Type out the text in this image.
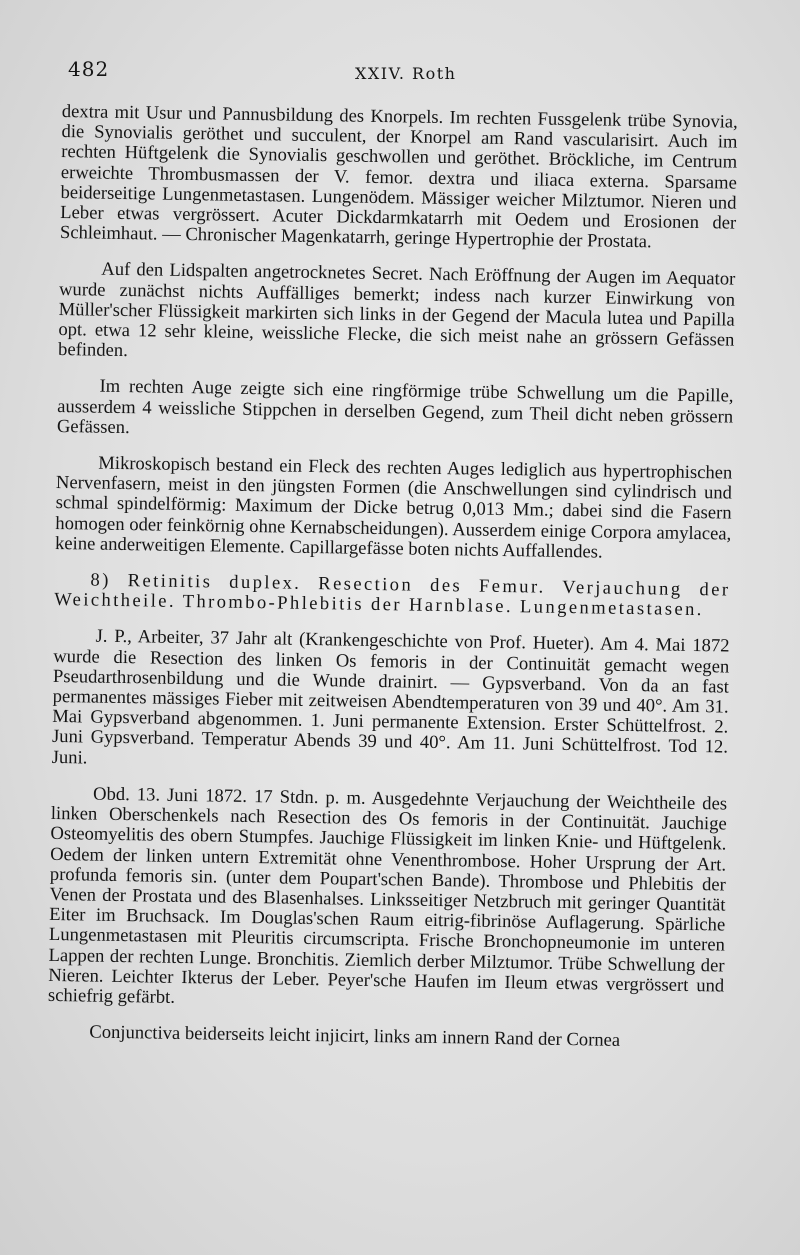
482	XXIV. Roth

dextra mit Usur und Pannusbildung des Knorpels. Im rechten Fussgelenk trübe Synovia, die Synovialis geröthet und succulent, der Knorpel am Rand vascularisirt. Auch im rechten Hüftgelenk die Synovialis geschwollen und geröthet. Bröckliche, im Centrum erweichte Thrombusmassen der V. femor. dextra und iliaca externa. Sparsame beiderseitige Lungenmetastasen. Lungenödem. Mässiger weicher Milztumor. Nieren und Leber etwas vergrössert. Acuter Dickdarmkatarrh mit Oedem und Erosionen der Schleimhaut. — Chronischer Magenkatarrh, geringe Hypertrophie der Prostata.

Auf den Lidspalten angetrocknetes Secret. Nach Eröffnung der Augen im Aequator wurde zunächst nichts Auffälliges bemerkt; indess nach kurzer Einwirkung von Müller'scher Flüssigkeit markirten sich links in der Gegend der Macula lutea und Papilla opt. etwa 12 sehr kleine, weissliche Flecke, die sich meist nahe an grössern Gefässen befinden.

Im rechten Auge zeigte sich eine ringförmige trübe Schwellung um die Papille, ausserdem 4 weissliche Stippchen in derselben Gegend, zum Theil dicht neben grössern Gefässen.

Mikroskopisch bestand ein Fleck des rechten Auges lediglich aus hypertrophischen Nervenfasern, meist in den jüngsten Formen (die Anschwellungen sind cylindrisch und schmal spindelförmig: Maximum der Dicke betrug 0,013 Mm.; dabei sind die Fasern homogen oder feinkörnig ohne Kernabscheidungen). Ausserdem einige Corpora amylacea, keine anderweitigen Elemente. Capillargefässe boten nichts Auffallendes.

8) Retinitis duplex. Resection des Femur. Verjauchung der Weichtheile. Thrombo-Phlebitis der Harnblase. Lungenmetastasen.

J. P., Arbeiter, 37 Jahr alt (Krankengeschichte von Prof. Hueter). Am 4. Mai 1872 wurde die Resection des linken Os femoris in der Continuität gemacht wegen Pseudarthrosenbildung und die Wunde drainirt. — Gypsverband. Von da an fast permanentes mässiges Fieber mit zeitweisen Abendtemperaturen von 39 und 40°. Am 31. Mai Gypsverband abgenommen. 1. Juni permanente Extension. Erster Schüttelfrost. 2. Juni Gypsverband. Temperatur Abends 39 und 40°. Am 11. Juni Schüttelfrost. Tod 12. Juni.

Obd. 13. Juni 1872. 17 Stdn. p. m. Ausgedehnte Verjauchung der Weichtheile des linken Oberschenkels nach Resection des Os femoris in der Continuität. Jauchige Osteomyelitis des obern Stumpfes. Jauchige Flüssigkeit im linken Knie- und Hüftgelenk. Oedem der linken untern Extremität ohne Venenthrombose. Hoher Ursprung der Art. profunda femoris sin. (unter dem Poupart'schen Bande). Thrombose und Phlebitis der Venen der Prostata und des Blasenhalses. Linksseitiger Netzbruch mit geringer Quantität Eiter im Bruchsack. Im Douglas'schen Raum eitrig-fibrinöse Auflagerung. Spärliche Lungenmetastasen mit Pleuritis circumscripta. Frische Bronchopneumonie im unteren Lappen der rechten Lunge. Bronchitis. Ziemlich derber Milztumor. Trübe Schwellung der Nieren. Leichter Ikterus der Leber. Peyer'sche Haufen im Ileum etwas vergrössert und schiefrig gefärbt.

Conjunctiva beiderseits leicht injicirt, links am innern Rand der Cornea
